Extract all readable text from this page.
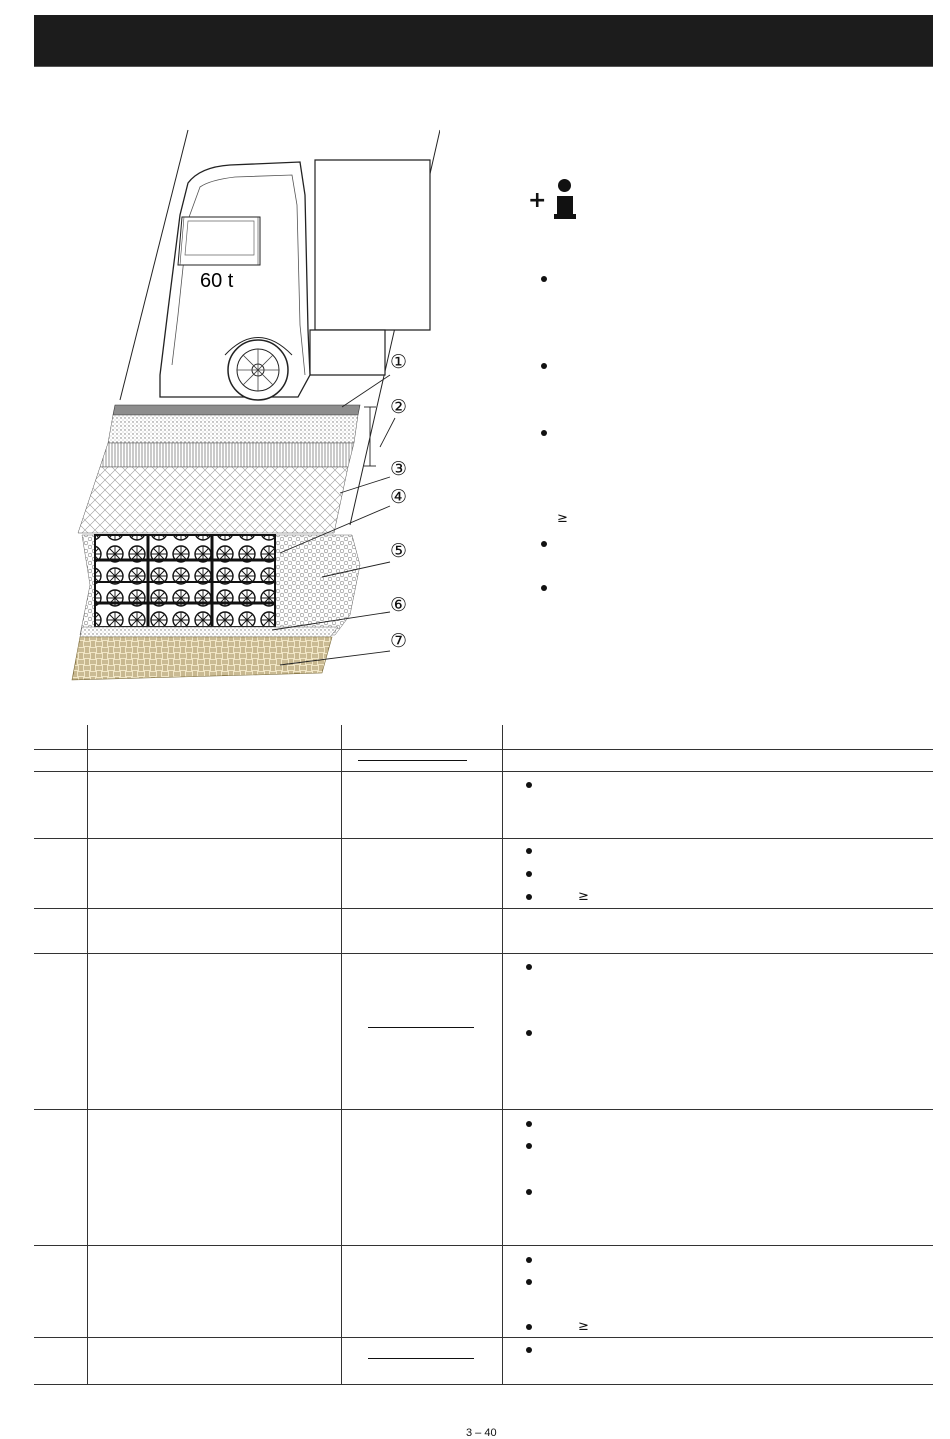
60 t
①
②
③
④
⑤
⑥
⑦
+
≥
≥
≥
3 – 40
